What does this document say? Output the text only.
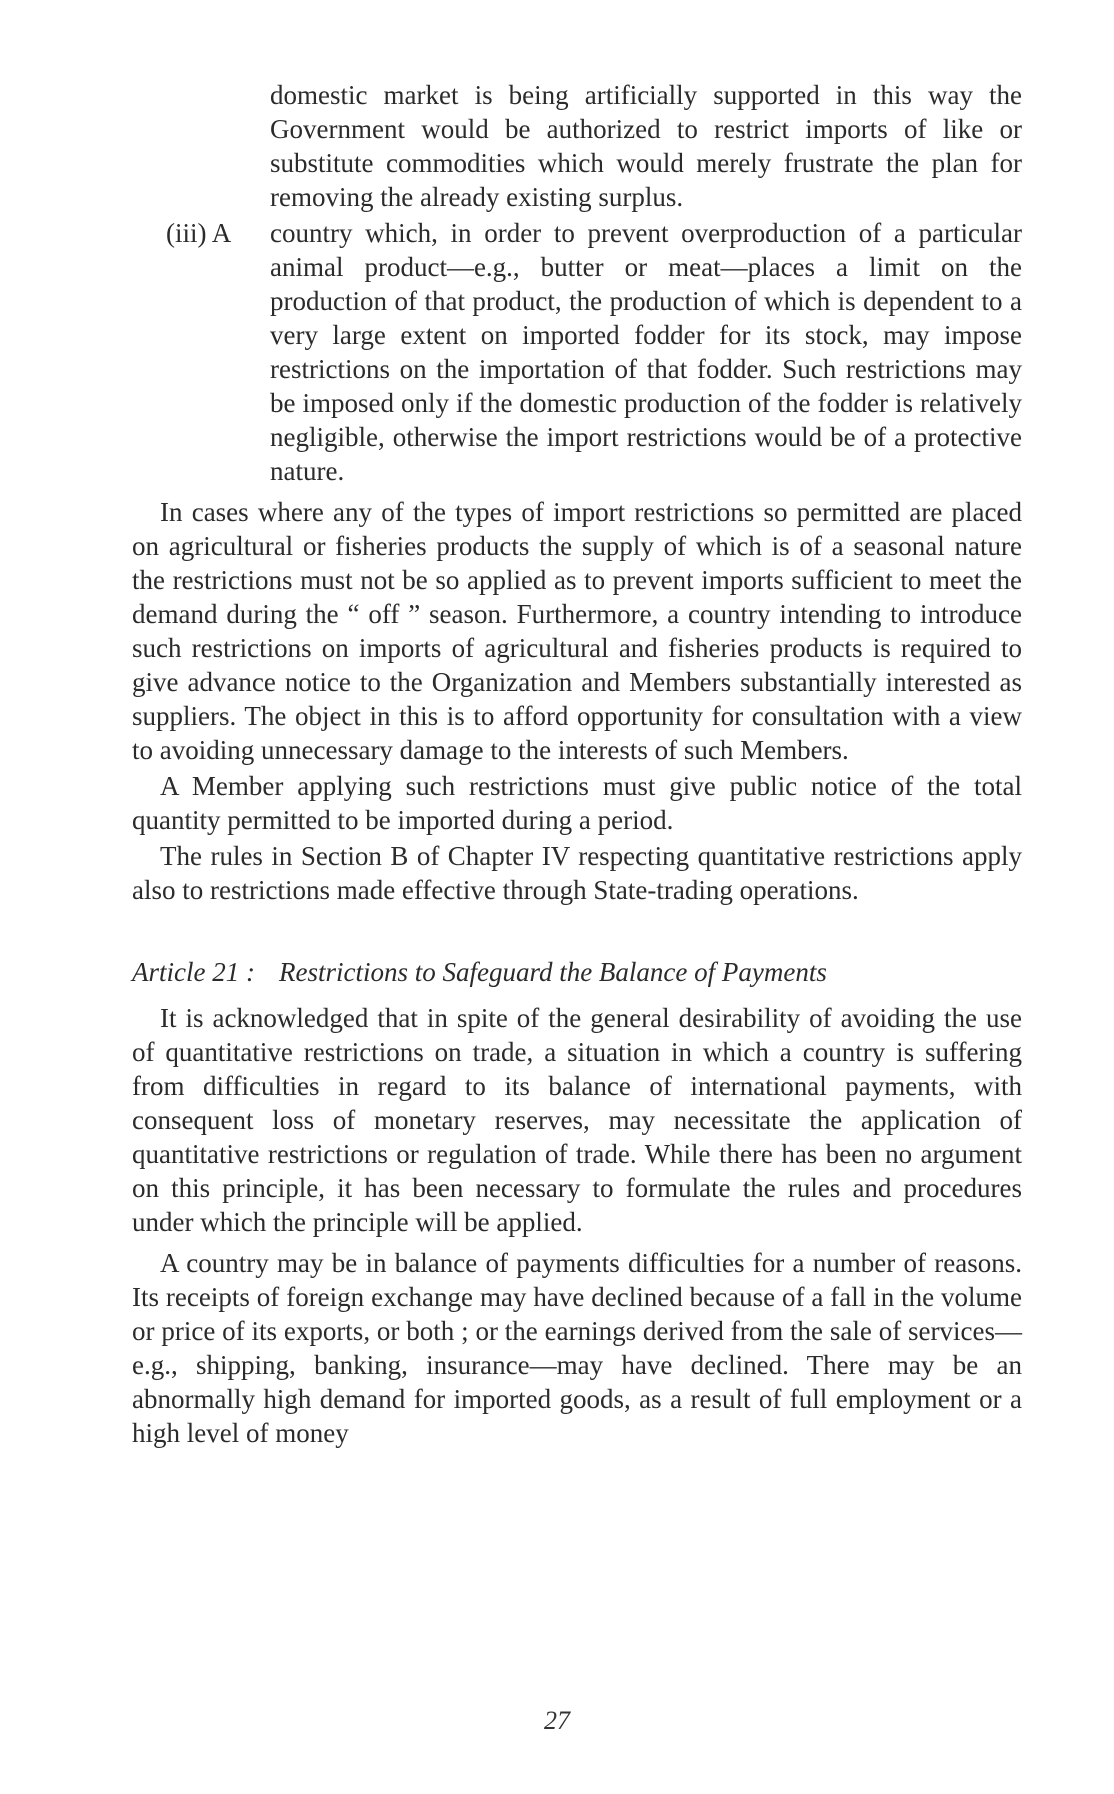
domestic market is being artificially supported in this way the Government would be authorized to restrict imports of like or substitute commodities which would merely frustrate the plan for removing the already existing surplus.

(iii) A	country which, in order to prevent overproduction of a particular animal product—e.g., butter or meat—places a limit on the production of that product, the production of which is dependent to a very large extent on imported fodder for its stock, may impose restrictions on the importation of that fodder. Such restrictions may be imposed only if the domestic production of the fodder is relatively negligible, otherwise the import restrictions would be of a protective nature.

In cases where any of the types of import restrictions so permitted are placed on agricultural or fisheries products the supply of which is of a seasonal nature the restrictions must not be so applied as to prevent imports sufficient to meet the demand during the “ off ” season. Furthermore, a country intending to introduce such restrictions on imports of agricultural and fisheries products is required to give advance notice to the Organization and Members substantially interested as suppliers. The object in this is to afford opportunity for consultation with a view to avoiding unnecessary damage to the interests of such Members.

A Member applying such restrictions must give public notice of the total quantity permitted to be imported during a period.

The rules in Section B of Chapter IV respecting quantitative restrictions apply also to restrictions made effective through State-trading operations.

Article 21 : Restrictions to Safeguard the Balance of Payments

It is acknowledged that in spite of the general desirability of avoiding the use of quantitative restrictions on trade, a situation in which a country is suffering from difficulties in regard to its balance of international payments, with consequent loss of monetary reserves, may necessitate the application of quantitative restrictions or regulation of trade. While there has been no argument on this principle, it has been necessary to formulate the rules and procedures under which the principle will be applied.

A country may be in balance of payments difficulties for a number of reasons. Its receipts of foreign exchange may have declined because of a fall in the volume or price of its exports, or both ; or the earnings derived from the sale of services—e.g., shipping, banking, insurance—may have declined. There may be an abnormally high demand for imported goods, as a result of full employment or a high level of money

27
